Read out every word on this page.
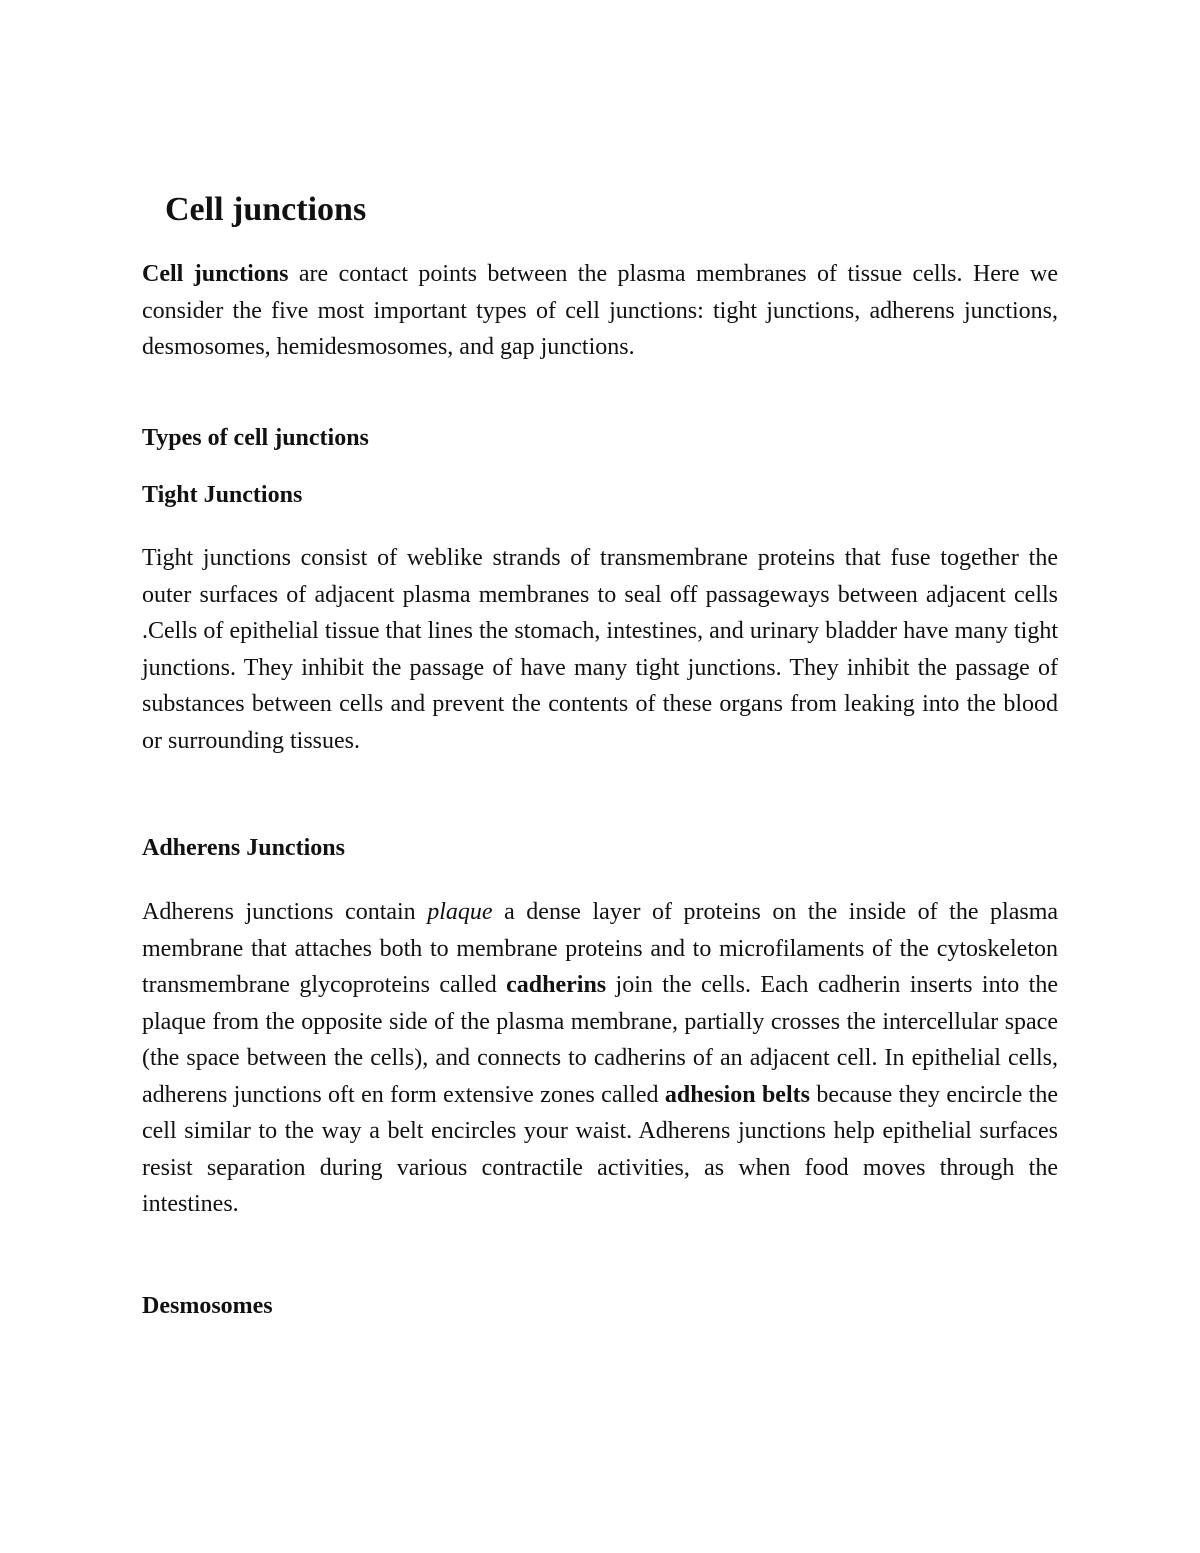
Cell junctions

Cell junctions are contact points between the plasma membranes of tissue cells. Here we consider the five most important types of cell junctions: tight junctions, adherens junctions, desmosomes, hemidesmosomes, and gap junctions.

Types of cell junctions
Tight Junctions

Tight junctions consist of weblike strands of transmembrane proteins that fuse together the outer surfaces of adjacent plasma membranes to seal off passageways between adjacent cells .Cells of epithelial tissue that lines the stomach, intestines, and urinary bladder have many tight junctions. They inhibit the passage of have many tight junctions. They inhibit the passage of substances between cells and prevent the contents of these organs from leaking into the blood or surrounding tissues.

Adherens Junctions

Adherens junctions contain plaque a dense layer of proteins on the inside of the plasma membrane that attaches both to membrane proteins and to microfilaments of the cytoskeleton transmembrane glycoproteins called cadherins join the cells. Each cadherin inserts into the plaque from the opposite side of the plasma membrane, partially crosses the intercellular space (the space between the cells), and connects to cadherins of an adjacent cell. In epithelial cells, adherens junctions oft en form extensive zones called adhesion belts because they encircle the cell similar to the way a belt encircles your waist. Adherens junctions help epithelial surfaces resist separation during various contractile activities, as when food moves through the intestines.

Desmosomes
